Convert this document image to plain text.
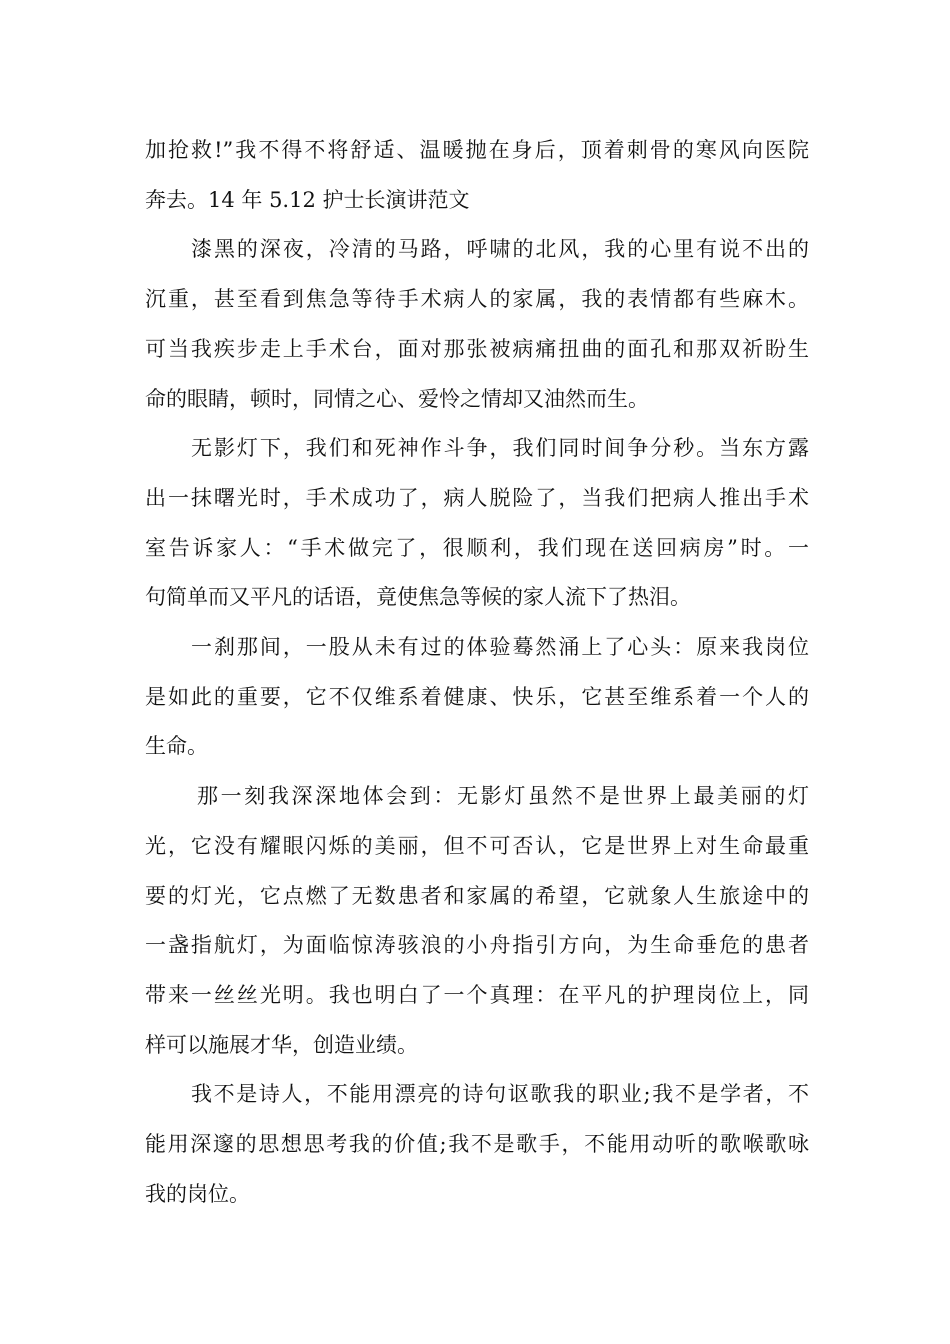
加抢救!”我不得不将舒适、温暖抛在身后，顶着刺骨的寒风向医院
奔去。14 年 5.12 护士长演讲范文
漆黑的深夜，冷清的马路，呼啸的北风，我的心里有说不出的
沉重，甚至看到焦急等待手术病人的家属，我的表情都有些麻木。
可当我疾步走上手术台，面对那张被病痛扭曲的面孔和那双祈盼生
命的眼睛，顿时，同情之心、爱怜之情却又油然而生。
无影灯下，我们和死神作斗争，我们同时间争分秒。当东方露
出一抹曙光时，手术成功了，病人脱险了，当我们把病人推出手术
室告诉家人：“手术做完了，很顺利，我们现在送回病房”时。一
句简单而又平凡的话语，竟使焦急等候的家人流下了热泪。
一刹那间，一股从未有过的体验蓦然涌上了心头：原来我岗位
是如此的重要，它不仅维系着健康、快乐，它甚至维系着一个人的
生命。
那一刻我深深地体会到：无影灯虽然不是世界上最美丽的灯
光，它没有耀眼闪烁的美丽，但不可否认，它是世界上对生命最重
要的灯光，它点燃了无数患者和家属的希望，它就象人生旅途中的
一盏指航灯，为面临惊涛骇浪的小舟指引方向，为生命垂危的患者
带来一丝丝光明。我也明白了一个真理：在平凡的护理岗位上，同
样可以施展才华，创造业绩。
我不是诗人，不能用漂亮的诗句讴歌我的职业;我不是学者，不
能用深邃的思想思考我的价值;我不是歌手，不能用动听的歌喉歌咏
我的岗位。
